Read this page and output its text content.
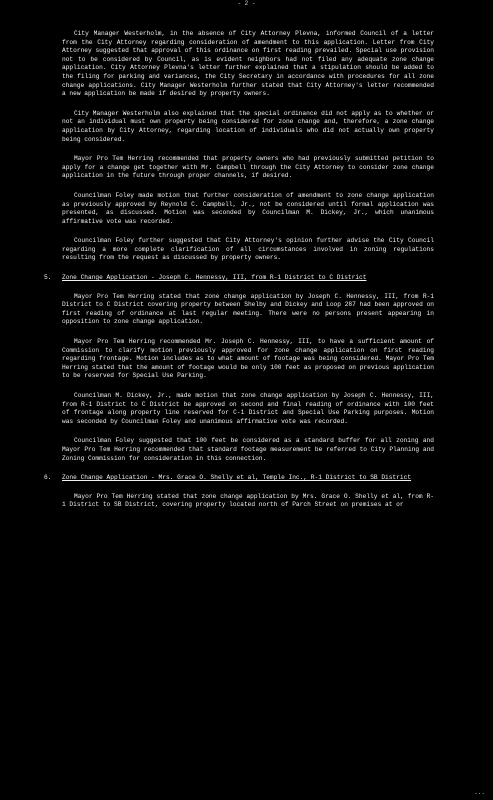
- 2 -

City Manager Westerholm, in the absence of City Attorney Plevna, informed Council of a letter from the City Attorney regarding consideration of amendment to this application. Letter from City Attorney suggested that approval of this ordinance on first reading prevailed. Special use provision not to be considered by Council, as is evident neighbors had not filed any adequate zone change application. City Attorney Plevna's letter further explained that a stipulation should be added to the filing for parking and variances, the City Secretary in accordance with procedures for all zone change applications. City Manager Westerholm further stated that City Attorney's letter recommended a new application be made if desired by property owners.

City Manager Westerholm also explained that the special ordinance did not apply as to whether or not an individual must own property being considered for zone change and, therefore, a zone change application by City Attorney, regarding location of individuals who did not actually own property being considered.

Mayor Pro Tem Herring recommended that property owners who had previously submitted petition to apply for a change get together with Mr. Campbell through the City Attorney to consider zone change application in the future through proper channels, if desired.

Councilman Foley made motion that further consideration of amendment to zone change application as previously approved by Reynold C. Campbell, Jr., not be considered until formal application was presented, as discussed. Motion was seconded by Councilman M. Dickey, Jr., which unanimous affirmative vote was recorded.

Councilman Foley further suggested that City Attorney's opinion further advise the City Council regarding a more complete clarification of all circumstances involved in zoning regulations resulting from the request as discussed by property owners.

5. Zone Change Application - Joseph C. Hennessy, III, from R-1 District to C District

Mayor Pro Tem Herring stated that zone change application by Joseph C. Hennessy, III, from R-1 District to C District covering property between Shelby and Dickey and Loop 287 had been approved on first reading of ordinance at last regular meeting. There were no persons present appearing in opposition to zone change application.

Mayor Pro Tem Herring recommended Mr. Joseph C. Hennessy, III, to have a sufficient amount of Commission to clarify motion previously approved for zone change application on first reading regarding frontage. Motion includes as to what amount of footage was being considered. Mayor Pro Tem Herring stated that the amount of footage would be only 100 feet as proposed on previous application to be reserved for Special Use Parking.

Councilman M. Dickey, Jr., made motion that zone change application by Joseph C. Hennessy, III, from R-1 District to C District be approved on second and final reading of ordinance with 100 feet of frontage along property line reserved for C-1 District and Special Use Parking purposes. Motion was seconded by Councilman Foley and unanimous affirmative vote was recorded.

Councilman Foley suggested that 100 feet be considered as a standard buffer for all zoning and Mayor Pro Tem Herring recommended that standard footage measurement be referred to City Planning and Zoning Commission for consideration in this connection.

6. Zone Change Application - Mrs. Grace O. Shelly et al, Temple Inc., R-1 District to SB District

Mayor Pro Tem Herring stated that zone change application by Mrs. Grace O. Shelly et al, from R-1 District to SB District, covering property located north of Parch Street on premises at or

...
